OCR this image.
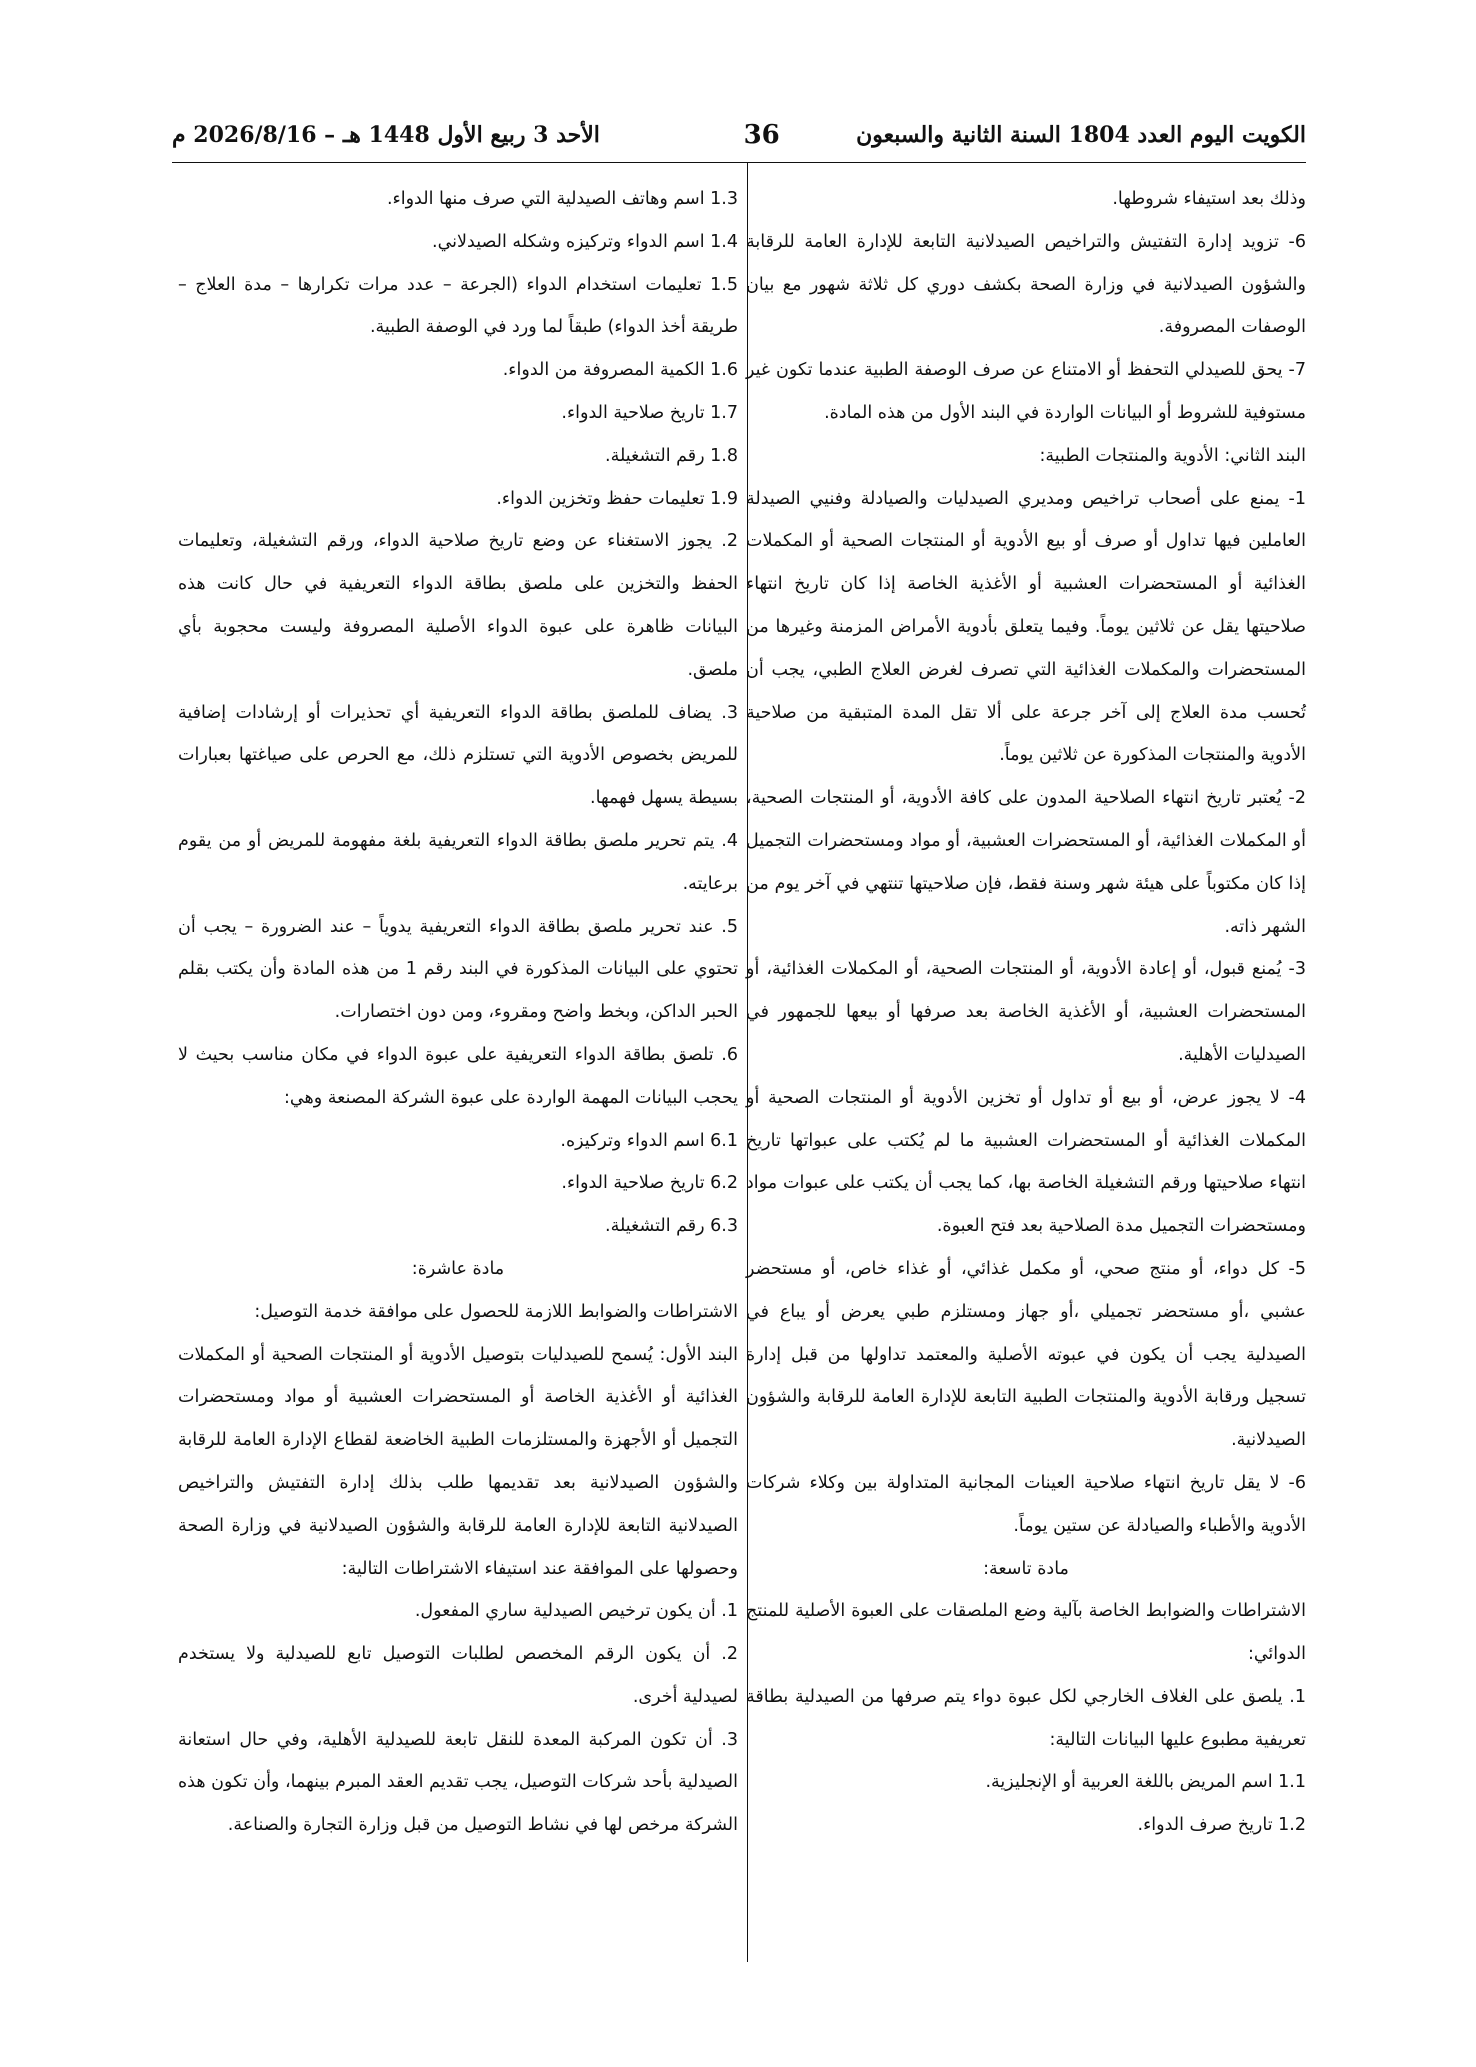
الكويت اليوم العدد 1804 السنة الثانية والسبعون
36
الأحد 3 ربيع الأول 1448 هـ – 2026/8/16 م

وذلك بعد استيفاء شروطها.

6- تزويد إدارة التفتيش والتراخيص الصيدلانية التابعة للإدارة العامة للرقابة والشؤون الصيدلانية في وزارة الصحة بكشف دوري كل ثلاثة شهور مع بيان الوصفات المصروفة.

7- يحق للصيدلي التحفظ أو الامتناع عن صرف الوصفة الطبية عندما تكون غير مستوفية للشروط أو البيانات الواردة في البند الأول من هذه المادة.

البند الثاني: الأدوية والمنتجات الطبية:

1- يمنع على أصحاب تراخيص ومديري الصيدليات والصيادلة وفنيي الصيدلة العاملين فيها تداول أو صرف أو بيع الأدوية أو المنتجات الصحية أو المكملات الغذائية أو المستحضرات العشبية أو الأغذية الخاصة إذا كان تاريخ انتهاء صلاحيتها يقل عن ثلاثين يوماً. وفيما يتعلق بأدوية الأمراض المزمنة وغيرها من المستحضرات والمكملات الغذائية التي تصرف لغرض العلاج الطبي، يجب أن تُحسب مدة العلاج إلى آخر جرعة على ألا تقل المدة المتبقية من صلاحية الأدوية والمنتجات المذكورة عن ثلاثين يوماً.

2- يُعتبر تاريخ انتهاء الصلاحية المدون على كافة الأدوية، أو المنتجات الصحية، أو المكملات الغذائية، أو المستحضرات العشبية، أو مواد ومستحضرات التجميل إذا كان مكتوباً على هيئة شهر وسنة فقط، فإن صلاحيتها تنتهي في آخر يوم من الشهر ذاته.

3- يُمنع قبول، أو إعادة الأدوية، أو المنتجات الصحية، أو المكملات الغذائية، أو المستحضرات العشبية، أو الأغذية الخاصة بعد صرفها أو بيعها للجمهور في الصيدليات الأهلية.

4- لا يجوز عرض، أو بيع أو تداول أو تخزين الأدوية أو المنتجات الصحية أو المكملات الغذائية أو المستحضرات العشبية ما لم يُكتب على عبواتها تاريخ انتهاء صلاحيتها ورقم التشغيلة الخاصة بها، كما يجب أن يكتب على عبوات مواد ومستحضرات التجميل مدة الصلاحية بعد فتح العبوة.

5- كل دواء، أو منتج صحي، أو مكمل غذائي، أو غذاء خاص، أو مستحضر عشبي ،أو مستحضر تجميلي ،أو جهاز ومستلزم طبي يعرض أو يباع في الصيدلية يجب أن يكون في عبوته الأصلية والمعتمد تداولها من قبل إدارة تسجيل ورقابة الأدوية والمنتجات الطبية التابعة للإدارة العامة للرقابة والشؤون الصيدلانية.

6- لا يقل تاريخ انتهاء صلاحية العينات المجانية المتداولة بين وكلاء شركات الأدوية والأطباء والصيادلة عن ستين يوماً.

مادة تاسعة:

الاشتراطات والضوابط الخاصة بآلية وضع الملصقات على العبوة الأصلية للمنتج الدوائي:

1. يلصق على الغلاف الخارجي لكل عبوة دواء يتم صرفها من الصيدلية بطاقة تعريفية مطبوع عليها البيانات التالية:

1.1 اسم المريض باللغة العربية أو الإنجليزية.

1.2 تاريخ صرف الدواء.

1.3 اسم وهاتف الصيدلية التي صرف منها الدواء.

1.4 اسم الدواء وتركيزه وشكله الصيدلاني.

1.5 تعليمات استخدام الدواء (الجرعة – عدد مرات تكرارها – مدة العلاج – طريقة أخذ الدواء) طبقاً لما ورد في الوصفة الطبية.

1.6 الكمية المصروفة من الدواء.

1.7 تاريخ صلاحية الدواء.

1.8 رقم التشغيلة.

1.9 تعليمات حفظ وتخزين الدواء.

2. يجوز الاستغناء عن وضع تاريخ صلاحية الدواء، ورقم التشغيلة، وتعليمات الحفظ والتخزين على ملصق بطاقة الدواء التعريفية في حال كانت هذه البيانات ظاهرة على عبوة الدواء الأصلية المصروفة وليست محجوبة بأي ملصق.

3. يضاف للملصق بطاقة الدواء التعريفية أي تحذيرات أو إرشادات إضافية للمريض بخصوص الأدوية التي تستلزم ذلك، مع الحرص على صياغتها بعبارات بسيطة يسهل فهمها.

4. يتم تحرير ملصق بطاقة الدواء التعريفية بلغة مفهومة للمريض أو من يقوم برعايته.

5. عند تحرير ملصق بطاقة الدواء التعريفية يدوياً – عند الضرورة – يجب أن تحتوي على البيانات المذكورة في البند رقم 1 من هذه المادة وأن يكتب بقلم الحبر الداكن، وبخط واضح ومقروء، ومن دون اختصارات.

6. تلصق بطاقة الدواء التعريفية على عبوة الدواء في مكان مناسب بحيث لا يحجب البيانات المهمة الواردة على عبوة الشركة المصنعة وهي:

6.1 اسم الدواء وتركيزه.

6.2 تاريخ صلاحية الدواء.

6.3 رقم التشغيلة.

مادة عاشرة:

الاشتراطات والضوابط اللازمة للحصول على موافقة خدمة التوصيل:

البند الأول: يُسمح للصيدليات بتوصيل الأدوية أو المنتجات الصحية أو المكملات الغذائية أو الأغذية الخاصة أو المستحضرات العشبية أو مواد ومستحضرات التجميل أو الأجهزة والمستلزمات الطبية الخاضعة لقطاع الإدارة العامة للرقابة والشؤون الصيدلانية بعد تقديمها طلب بذلك إدارة التفتيش والتراخيص الصيدلانية التابعة للإدارة العامة للرقابة والشؤون الصيدلانية في وزارة الصحة وحصولها على الموافقة عند استيفاء الاشتراطات التالية:

1. أن يكون ترخيص الصيدلية ساري المفعول.

2. أن يكون الرقم المخصص لطلبات التوصيل تابع للصيدلية ولا يستخدم لصيدلية أخرى.

3. أن تكون المركبة المعدة للنقل تابعة للصيدلية الأهلية، وفي حال استعانة الصيدلية بأحد شركات التوصيل، يجب تقديم العقد المبرم بينهما، وأن تكون هذه الشركة مرخص لها في نشاط التوصيل من قبل وزارة التجارة والصناعة.
